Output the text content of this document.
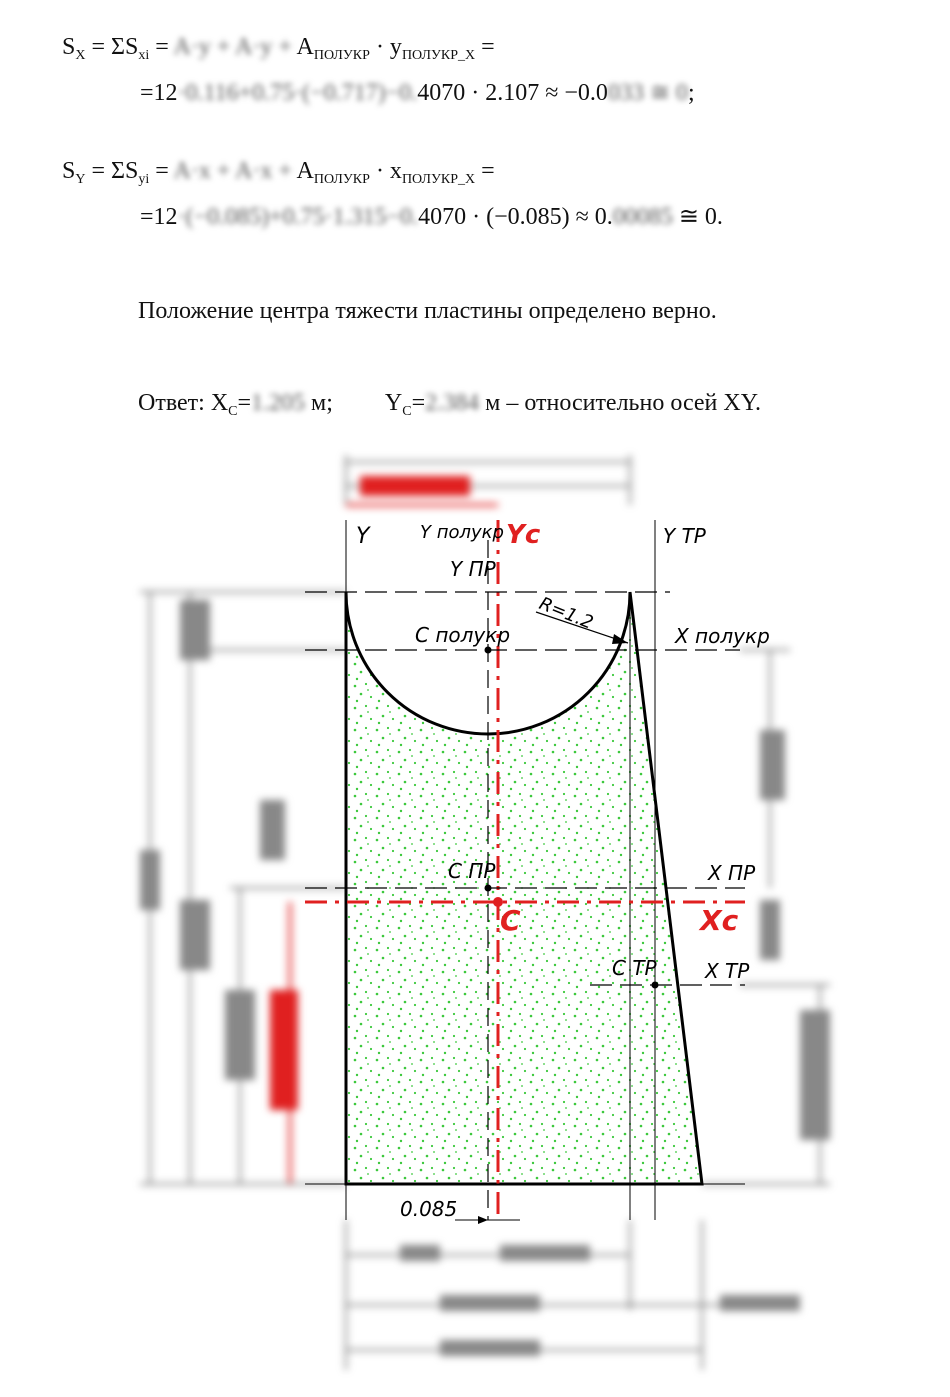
$S_X = \Sigma S_{xi} = A\cdot y + A\cdot y + A_{ПОЛУКР} \cdot y_{ПОЛУКР\_X}$ =
=12·0.116+0.75·(−0.717)−0.4070 · 2.107 ≈ −0.0033 ≅ 0;
$S_Y = \Sigma S_{yi} = A\cdot x + A\cdot x + A_{ПОЛУКР} \cdot x_{ПОЛУКР\_X}$ =
=12·(−0.085)+0.75·1.315−0.4070 · (−0.085) ≈ 0.00085 ≅ 0.
Положение центра тяжести пластины определено верно.
Ответ: $X_C=1.205$ м; $Y_C=2.384$ м – относительно осей XY.
Y	Y полукр Yc
Y ПР
Y ТР
R=1.2
C полукр	X полукр
C ПР	X ПР
C	Xc
C ТР X ТР
0.085
